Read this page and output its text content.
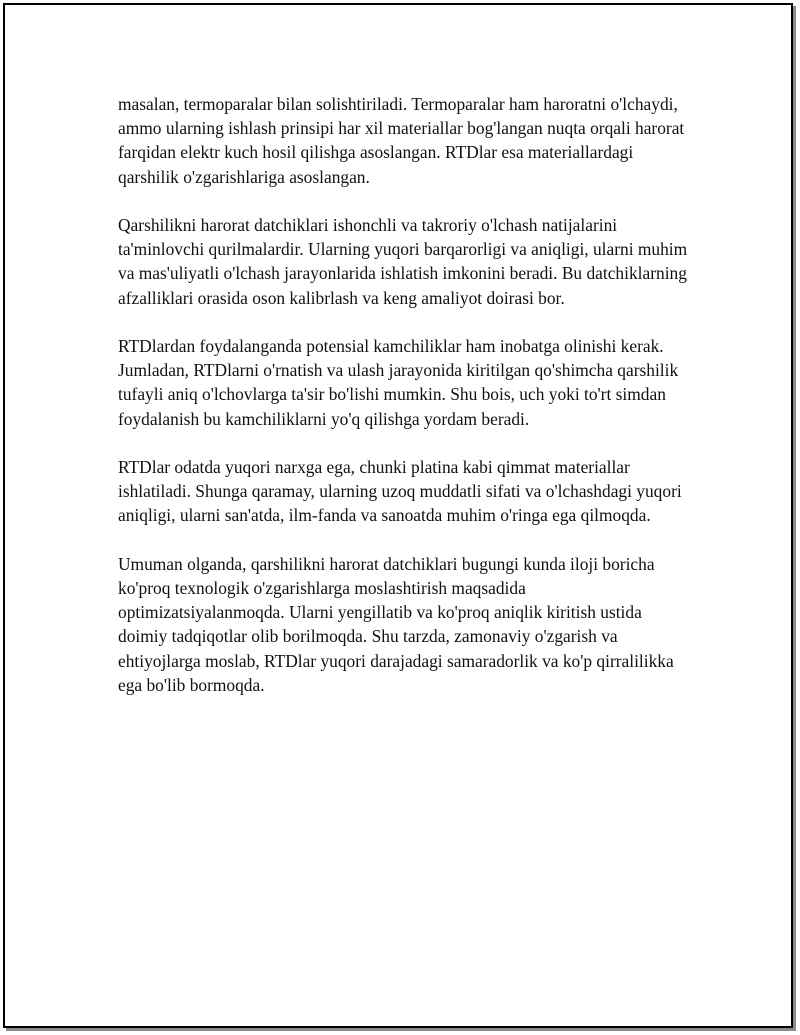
masalan, termoparalar bilan solishtiriladi. Termoparalar ham haroratni o'lchaydi, ammo ularning ishlash prinsipi har xil materiallar bog'langan nuqta orqali harorat farqidan elektr kuch hosil qilishga asoslangan. RTDlar esa materiallardagi qarshilik o'zgarishlariga asoslangan.

Qarshilikni harorat datchiklari ishonchli va takroriy o'lchash natijalarini ta'minlovchi qurilmalardir. Ularning yuqori barqarorligi va aniqligi, ularni muhim va mas'uliyatli o'lchash jarayonlarida ishlatish imkonini beradi. Bu datchiklarning afzalliklari orasida oson kalibrlash va keng amaliyot doirasi bor.

RTDlardan foydalanganda potensial kamchiliklar ham inobatga olinishi kerak. Jumladan, RTDlarni o'rnatish va ulash jarayonida kiritilgan qo'shimcha qarshilik tufayli aniq o'lchovlarga ta'sir bo'lishi mumkin. Shu bois, uch yoki to'rt simdan foydalanish bu kamchiliklarni yo'q qilishga yordam beradi.

RTDlar odatda yuqori narxga ega, chunki platina kabi qimmat materiallar ishlatiladi. Shunga qaramay, ularning uzoq muddatli sifati va o'lchashdagi yuqori aniqligi, ularni san'atda, ilm-fanda va sanoatda muhim o'ringa ega qilmoqda.

Umuman olganda, qarshilikni harorat datchiklari bugungi kunda iloji boricha ko'proq texnologik o'zgarishlarga moslashtirish maqsadida optimizatsiyalanmoqda. Ularni yengillatib va ko'proq aniqlik kiritish ustida doimiy tadqiqotlar olib borilmoqda. Shu tarzda, zamonaviy o'zgarish va ehtiyojlarga moslab, RTDlar yuqori darajadagi samaradorlik va ko'p qirralilikka ega bo'lib bormoqda.
